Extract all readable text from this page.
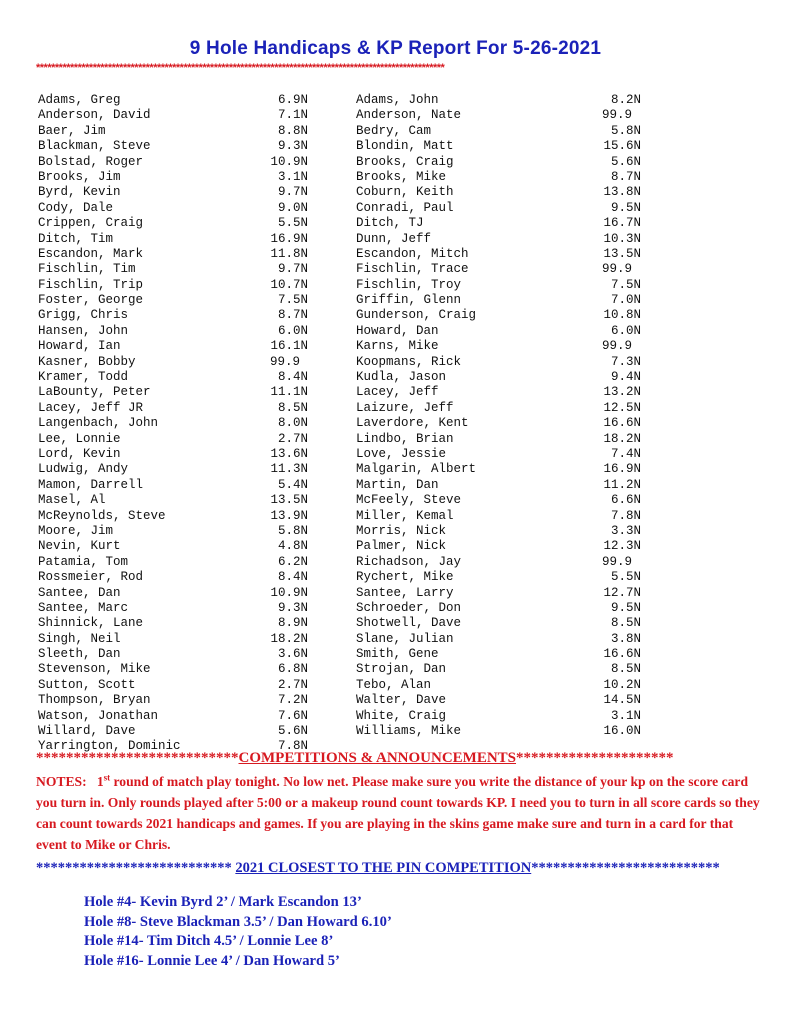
9 Hole Handicaps & KP Report For 5-26-2021
************************************************************************************************************
Adams, Greg	6.9N
Anderson, David	7.1N
Baer, Jim	8.8N
Blackman, Steve	9.3N
Bolstad, Roger	10.9N
Brooks, Jim	3.1N
Byrd, Kevin	9.7N
Cody, Dale	9.0N
Crippen, Craig	5.5N
Ditch, Tim	16.9N
Escandon, Mark	11.8N
Fischlin, Tim	9.7N
Fischlin, Trip	10.7N
Foster, George	7.5N
Grigg, Chris	8.7N
Hansen, John	6.0N
Howard, Ian	16.1N
Kasner, Bobby	99.9
Kramer, Todd	8.4N
LaBounty, Peter	11.1N
Lacey, Jeff JR	8.5N
Langenbach, John	8.0N
Lee, Lonnie	2.7N
Lord, Kevin	13.6N
Ludwig, Andy	11.3N
Mamon, Darrell	5.4N
Masel, Al	13.5N
McReynolds, Steve	13.9N
Moore, Jim	5.8N
Nevin, Kurt	4.8N
Patamia, Tom	6.2N
Rossmeier, Rod	8.4N
Santee, Dan	10.9N
Santee, Marc	9.3N
Shinnick, Lane	8.9N
Singh, Neil	18.2N
Sleeth, Dan	3.6N
Stevenson, Mike	6.8N
Sutton, Scott	2.7N
Thompson, Bryan	7.2N
Watson, Jonathan	7.6N
Willard, Dave	5.6N
Yarrington, Dominic	7.8N
Adams, John	8.2N
Anderson, Nate	99.9
Bedry, Cam	5.8N
Blondin, Matt	15.6N
Brooks, Craig	5.6N
Brooks, Mike	8.7N
Coburn, Keith	13.8N
Conradi, Paul	9.5N
Ditch, TJ	16.7N
Dunn, Jeff	10.3N
Escandon, Mitch	13.5N
Fischlin, Trace	99.9
Fischlin, Troy	7.5N
Griffin, Glenn	7.0N
Gunderson, Craig	10.8N
Howard, Dan	6.0N
Karns, Mike	99.9
Koopmans, Rick	7.3N
Kudla, Jason	9.4N
Lacey, Jeff	13.2N
Laizure, Jeff	12.5N
Laverdore, Kent	16.6N
Lindbo, Brian	18.2N
Love, Jessie	7.4N
Malgarin, Albert	16.9N
Martin, Dan	11.2N
McFeely, Steve	6.6N
Miller, Kemal	7.8N
Morris, Nick	3.3N
Palmer, Nick	12.3N
Richadson, Jay	99.9
Rychert, Mike	5.5N
Santee, Larry	12.7N
Schroeder, Don	9.5N
Shotwell, Dave	8.5N
Slane, Julian	3.8N
Smith, Gene	16.6N
Strojan, Dan	8.5N
Tebo, Alan	10.2N
Walter, Dave	14.5N
White, Craig	3.1N
Williams, Mike	16.0N
***************************COMPETITIONS & ANNOUNCEMENTS*********************
NOTES: 1st round of match play tonight. No low net. Please make sure you write the distance of your kp on the score card you turn in. Only rounds played after 5:00 or a makeup round count towards KP. I need you to turn in all score cards so they can count towards 2021 handicaps and games. If you are playing in the skins game make sure and turn in a card for that event to Mike or Chris.
*************************** 2021 CLOSEST TO THE PIN COMPETITION**************************
Hole #4- Kevin Byrd 2’ / Mark Escandon 13’
Hole #8- Steve Blackman 3.5’ / Dan Howard 6.10’
Hole #14- Tim Ditch 4.5’ / Lonnie Lee 8’
Hole #16- Lonnie Lee 4’ / Dan Howard 5’
